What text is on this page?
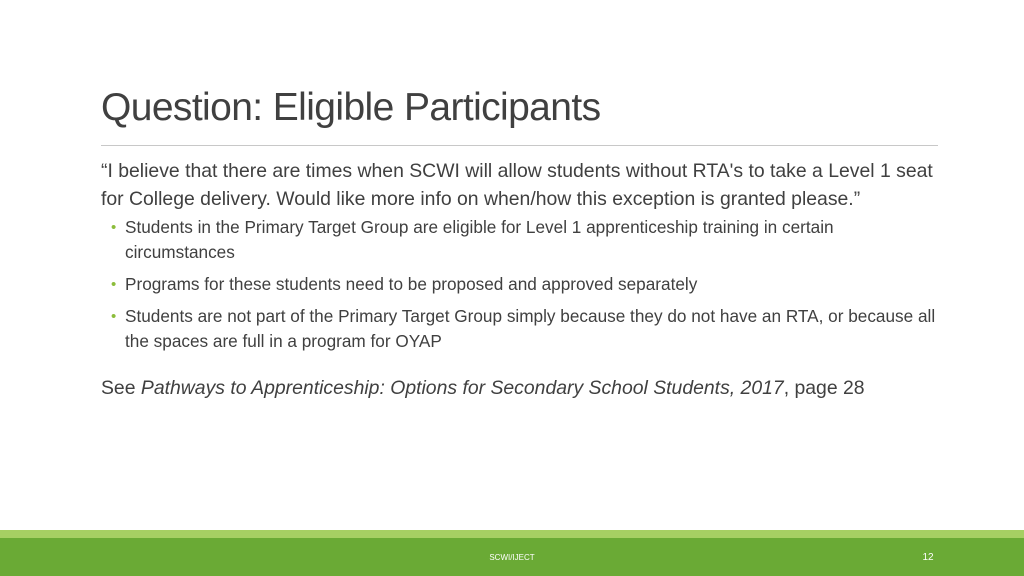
Question: Eligible Participants

“I believe that there are times when SCWI will allow students without RTA's to take a Level 1 seat for College delivery. Would like more info on when/how this exception is granted please.”

• Students in the Primary Target Group are eligible for Level 1 apprenticeship training in certain circumstances
• Programs for these students need to be proposed and approved separately
• Students are not part of the Primary Target Group simply because they do not have an RTA, or because all the spaces are full in a program for OYAP

See Pathways to Apprenticeship: Options for Secondary School Students, 2017, page 28

SCWI/IJECT	12
